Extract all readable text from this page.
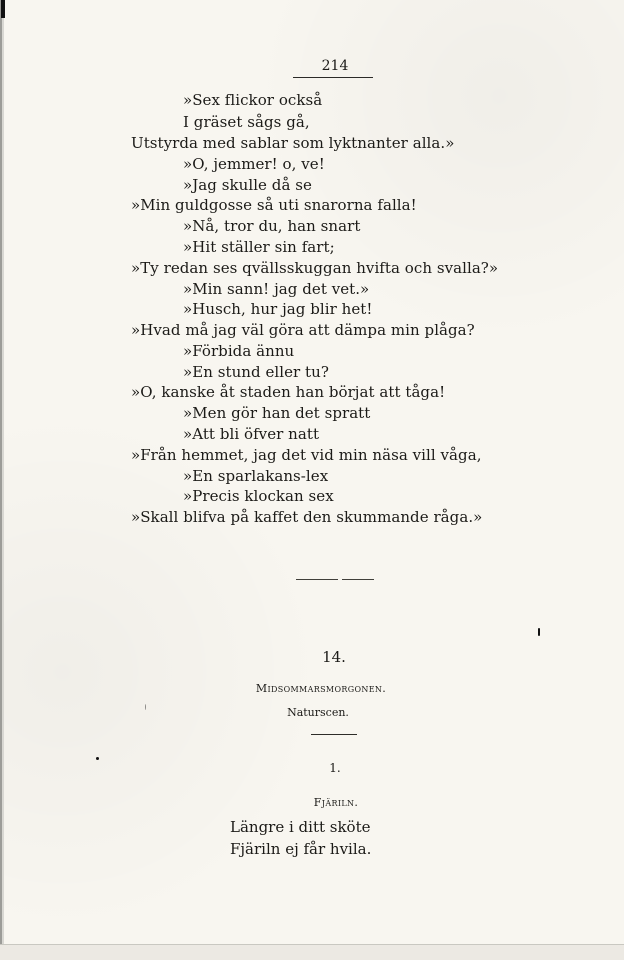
214
»Sex flickor också
I gräset sågs gå,
Utstyrda med sablar som lyktnanter alla.»
»O, jemmer! o, ve!
»Jag skulle då se
»Min guldgosse så uti snarorna falla!
»Nå, tror du, han snart
»Hit ställer sin fart;
»Ty redan ses qvällsskuggan hvifta och svalla?»
»Min sann! jag det vet.»
»Husch, hur jag blir het!
»Hvad må jag väl göra att dämpa min plåga?
»Förbida ännu
»En stund eller tu?
»O, kanske åt staden han börjat att tåga!
»Men gör han det spratt
»Att bli öfver natt
»Från hemmet, jag det vid min näsa vill våga,
»En sparlakans-lex
»Precis klockan sex
»Skall blifva på kaffet den skummande råga.»
14.
Midsommarsmorgonen.
Naturscen.
1.
Fjäriln.
Längre i ditt sköte
Fjäriln ej får hvila.
